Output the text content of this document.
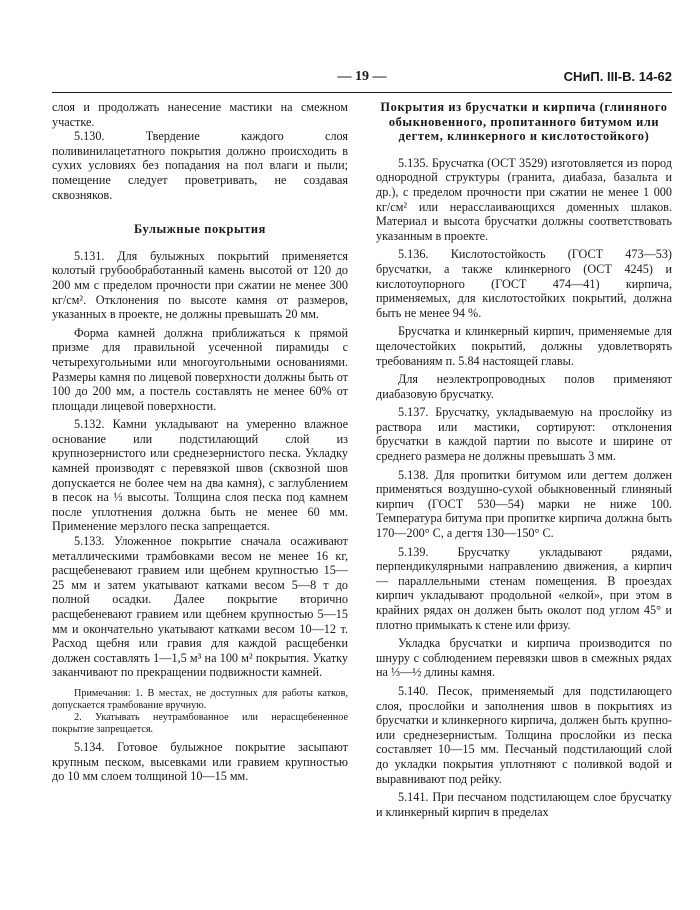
— 19 —	СНиП. III-В. 14-62

слоя и продолжать нанесение мастики на смежном участке.

5.130. Твердение каждого слоя поливинилацетатного покрытия должно происходить в сухих условиях без попадания на пол влаги и пыли; помещение следует проветривать, не создавая сквозняков.

Булыжные покрытия

5.131. Для булыжных покрытий применяется колотый грубообработанный камень высотой от 120 до 200 мм с пределом прочности при сжатии не менее 300 кг/см². Отклонения по высоте камня от размеров, указанных в проекте, не должны превышать 20 мм.

Форма камней должна приближаться к прямой призме для правильной усеченной пирамиды с четырехугольными или многоугольными основаниями. Размеры камня по лицевой поверхности должны быть от 100 до 200 мм, а постель составлять не менее 60% от площади лицевой поверхности.

5.132. Камни укладывают на умеренно влажное основание или подстилающий слой из крупнозернистого или среднезернистого песка. Укладку камней производят с перевязкой швов (сквозной шов допускается не более чем на два камня), с заглублением в песок на ⅓ высоты. Толщина слоя песка под камнем после уплотнения должна быть не менее 60 мм. Применение мерзлого песка запрещается.

5.133. Уложенное покрытие сначала осаживают металлическими трамбовками весом не менее 16 кг, расщебеневают гравием или щебнем крупностью 15—25 мм и затем укатывают катками весом 5—8 т до полной осадки. Далее покрытие вторично расщебеневают гравием или щебнем крупностью 5—15 мм и окончательно укатывают катками весом 10—12 т. Расход щебня или гравия для каждой расщебенки должен составлять 1—1,5 м³ на 100 м² покрытия. Укатку заканчивают по прекращении подвижности камней.

Примечания: 1. В местах, не доступных для работы катков, допускается трамбование вручную.

2. Укатывать неутрамбованное или нерасщебененное покрытие запрещается.

5.134. Готовое булыжное покрытие засыпают крупным песком, высевками или гравием крупностью до 10 мм слоем толщиной 10—15 мм.

Покрытия из брусчатки и кирпича (глиняного обыкновенного, пропитанного битумом или дегтем, клинкерного и кислотостойкого)

5.135. Брусчатка (ОСТ 3529) изготовляется из пород однородной структуры (гранита, диабаза, базальта и др.), с пределом прочности при сжатии не менее 1 000 кг/см² или нерасслаивающихся доменных шлаков. Материал и высота брусчатки должны соответствовать указанным в проекте.

5.136. Кислотостойкость (ГОСТ 473—53) брусчатки, а также клинкерного (ОСТ 4245) и кислотоупорного (ГОСТ 474—41) кирпича, применяемых, для кислотостойких покрытий, должна быть не менее 94 %.

Брусчатка и клинкерный кирпич, применяемые для щелочестойких покрытий, должны удовлетворять требованиям п. 5.84 настоящей главы.

Для неэлектропроводных полов применяют диабазовую брусчатку.

5.137. Брусчатку, укладываемую на прослойку из раствора или мастики, сортируют: отклонения брусчатки в каждой партии по высоте и ширине от среднего размера не должны превышать 3 мм.

5.138. Для пропитки битумом или дегтем должен применяться воздушно-сухой обыкновенный глиняный кирпич (ГОСТ 530—54) марки не ниже 100. Температура битума при пропитке кирпича должна быть 170—200° С, а дегтя 130—150° С.

5.139. Брусчатку укладывают рядами, перпендикулярными направлению движения, а кирпич — параллельными стенам помещения. В проездах кирпич укладывают продольной «елкой», при этом в крайних рядах он должен быть околот под углом 45° и плотно примыкать к стене или фризу.

Укладка брусчатки и кирпича производится по шнуру с соблюдением перевязки швов в смежных рядах на ⅓—½ длины камня.

5.140. Песок, применяемый для подстилающего слоя, прослойки и заполнения швов в покрытиях из брусчатки и клинкерного кирпича, должен быть крупно- или среднезернистым. Толщина прослойки из песка составляет 10—15 мм. Песчаный подстилающий слой до укладки покрытия уплотняют с поливкой водой и выравнивают под рейку.

5.141. При песчаном подстилающем слое брусчатку и клинкерный кирпич в пределах
